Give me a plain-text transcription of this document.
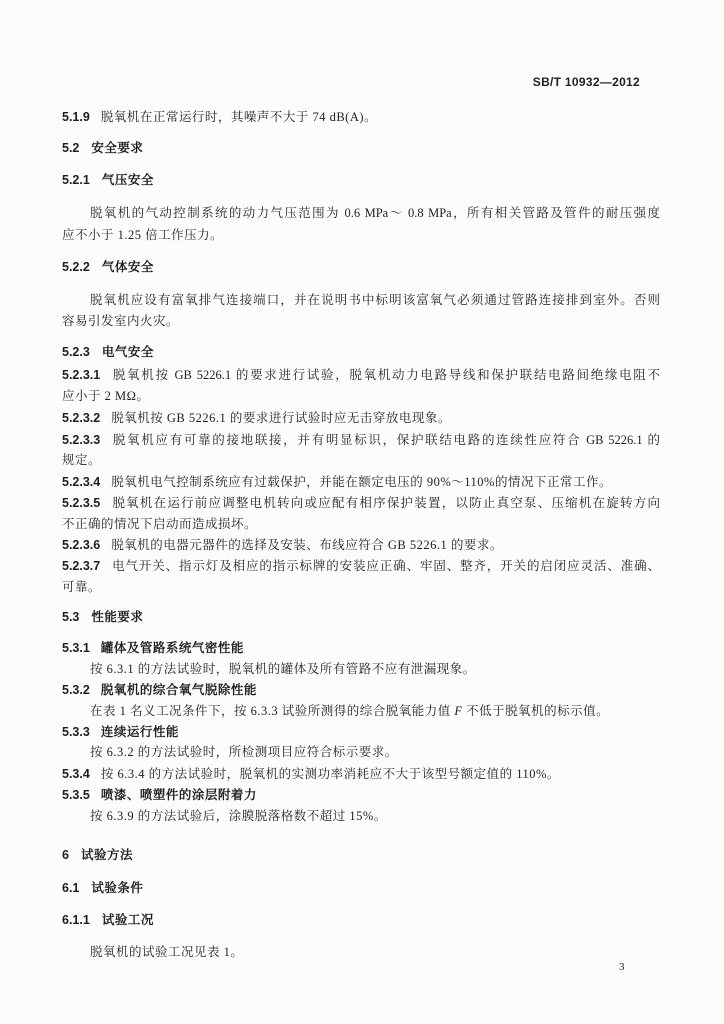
SB/T 10932—2012
5.1.9 脱氧机在正常运行时，其噪声不大于 74 dB(A)。
5.2 安全要求
5.2.1 气压安全
脱氧机的气动控制系统的动力气压范围为 0.6 MPa～ 0.8 MPa，所有相关管路及管件的耐压强度
应不小于 1.25 倍工作压力。
5.2.2 气体安全
脱氧机应设有富氧排气连接端口，并在说明书中标明该富氧气必须通过管路连接排到室外。否则
容易引发室内火灾。
5.2.3 电气安全
5.2.3.1 脱氧机按 GB 5226.1 的要求进行试验，脱氧机动力电路导线和保护联结电路间绝缘电阻不
应小于 2 MΩ。
5.2.3.2 脱氧机按 GB 5226.1 的要求进行试验时应无击穿放电现象。
5.2.3.3 脱氧机应有可靠的接地联接，并有明显标识，保护联结电路的连续性应符合 GB 5226.1 的
规定。
5.2.3.4 脱氧机电气控制系统应有过载保护，并能在额定电压的 90%～110%的情况下正常工作。
5.2.3.5 脱氧机在运行前应调整电机转向或应配有相序保护装置，以防止真空泵、压缩机在旋转方向
不正确的情况下启动而造成损坏。
5.2.3.6 脱氧机的电器元器件的选择及安装、布线应符合 GB 5226.1 的要求。
5.2.3.7 电气开关、指示灯及相应的指示标牌的安装应正确、牢固、整齐，开关的启闭应灵活、准确、
可靠。
5.3 性能要求
5.3.1 罐体及管路系统气密性能
按 6.3.1 的方法试验时，脱氧机的罐体及所有管路不应有泄漏现象。
5.3.2 脱氧机的综合氧气脱除性能
在表 1 名义工况条件下，按 6.3.3 试验所测得的综合脱氧能力值 F 不低于脱氧机的标示值。
5.3.3 连续运行性能
按 6.3.2 的方法试验时，所检测项目应符合标示要求。
5.3.4 按 6.3.4 的方法试验时，脱氧机的实测功率消耗应不大于该型号额定值的 110%。
5.3.5 喷漆、喷塑件的涂层附着力
按 6.3.9 的方法试验后，涂膜脱落格数不超过 15%。
6 试验方法
6.1 试验条件
6.1.1 试验工况
脱氧机的试验工况见表 1。
3
